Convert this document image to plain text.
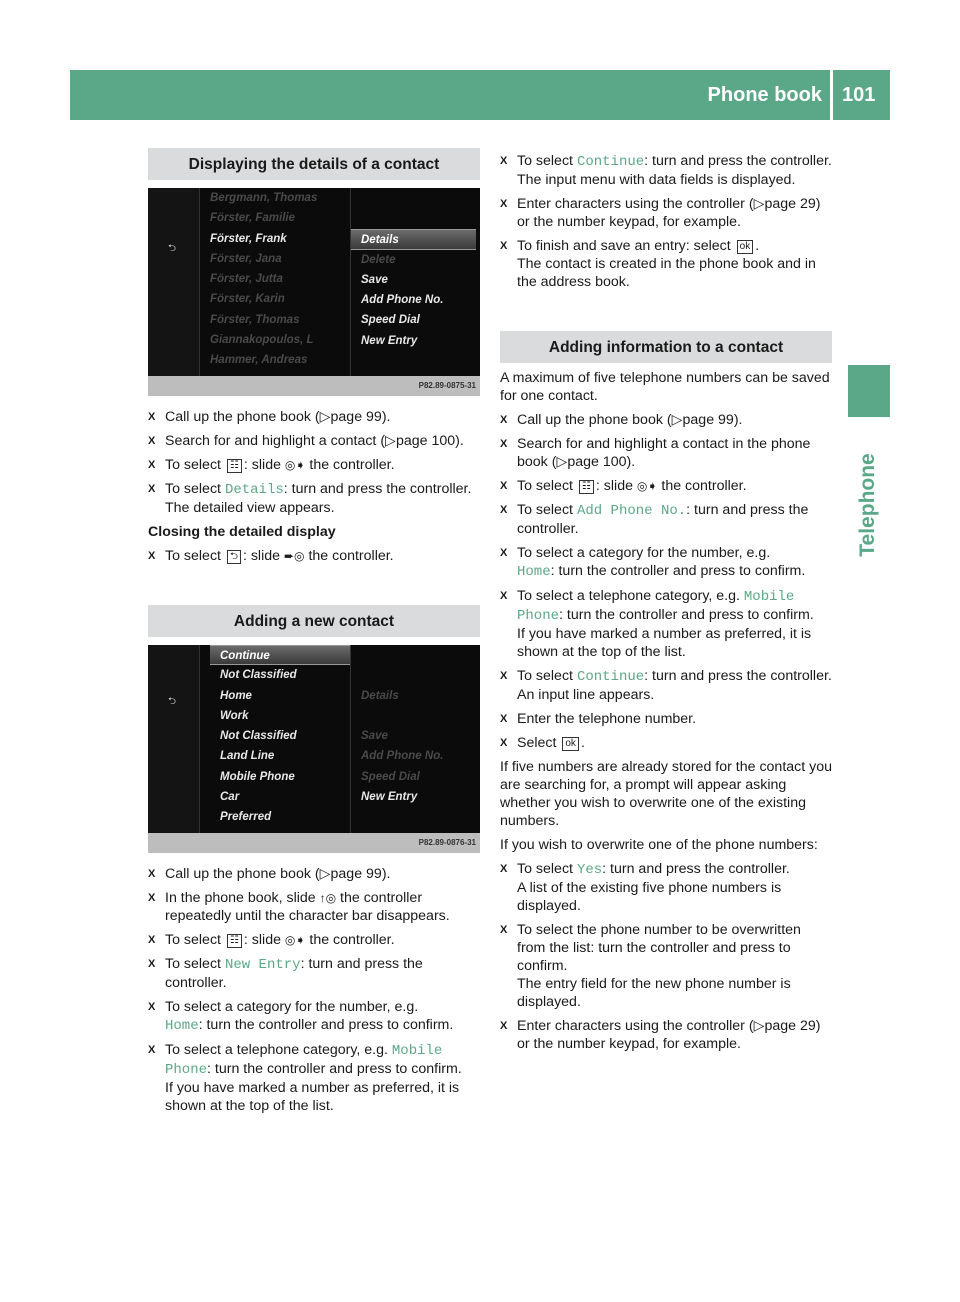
Phone book 101
Telephone
Displaying the details of a contact
⮌
Bergmann, Thomas
Förster, Familie
Förster, Frank
Förster, Jana
Förster, Jutta
Förster, Karin
Förster, Thomas
Giannakopoulos, L
Hammer, Andreas
Details
Delete
Save
Add Phone No.
Speed Dial
New Entry
P82.89-0875-31
X Call up the phone book (▷page 99).
X Search for and highlight a contact (▷page 100).
X To select ☷ : slide ◎➧ the controller.
X To select Details: turn and press the controller.
The detailed view appears.
Closing the detailed display
X To select ⮌ : slide ➨◎ the controller.
Adding a new contact
⮌
Continue
Not Classified
Home
Work
Not Classified
Land Line
Mobile Phone
Car
Preferred
Details
Save
Add Phone No.
Speed Dial
New Entry
P82.89-0876-31
X Call up the phone book (▷page 99).
X In the phone book, slide ↑◎ the controller repeatedly until the character bar disappears.
X To select ☷ : slide ◎➧ the controller.
X To select New Entry: turn and press the controller.
X To select a category for the number, e.g.
Home: turn the controller and press to confirm.
X To select a telephone category, e.g. Mobile Phone: turn the controller and press to confirm.
If you have marked a number as preferred, it is shown at the top of the list.
X To select Continue: turn and press the controller.
The input menu with data fields is displayed.
X Enter characters using the controller (▷page 29) or the number keypad, for example.
X To finish and save an entry: select ok .
The contact is created in the phone book and in the address book.
Adding information to a contact
A maximum of five telephone numbers can be saved for one contact.
X Call up the phone book (▷page 99).
X Search for and highlight a contact in the phone book (▷page 100).
X To select ☷ : slide ◎➧ the controller.
X To select Add Phone No.: turn and press the controller.
X To select a category for the number, e.g.
Home: turn the controller and press to confirm.
X To select a telephone category, e.g. Mobile Phone: turn the controller and press to confirm.
If you have marked a number as preferred, it is shown at the top of the list.
X To select Continue: turn and press the controller.
An input line appears.
X Enter the telephone number.
X Select ok .
If five numbers are already stored for the contact you are searching for, a prompt will appear asking whether you wish to overwrite one of the existing numbers.
If you wish to overwrite one of the phone numbers:
X To select Yes: turn and press the controller.
A list of the existing five phone numbers is displayed.
X To select the phone number to be overwritten from the list: turn the controller and press to confirm.
The entry field for the new phone number is displayed.
X Enter characters using the controller (▷page 29) or the number keypad, for example.
